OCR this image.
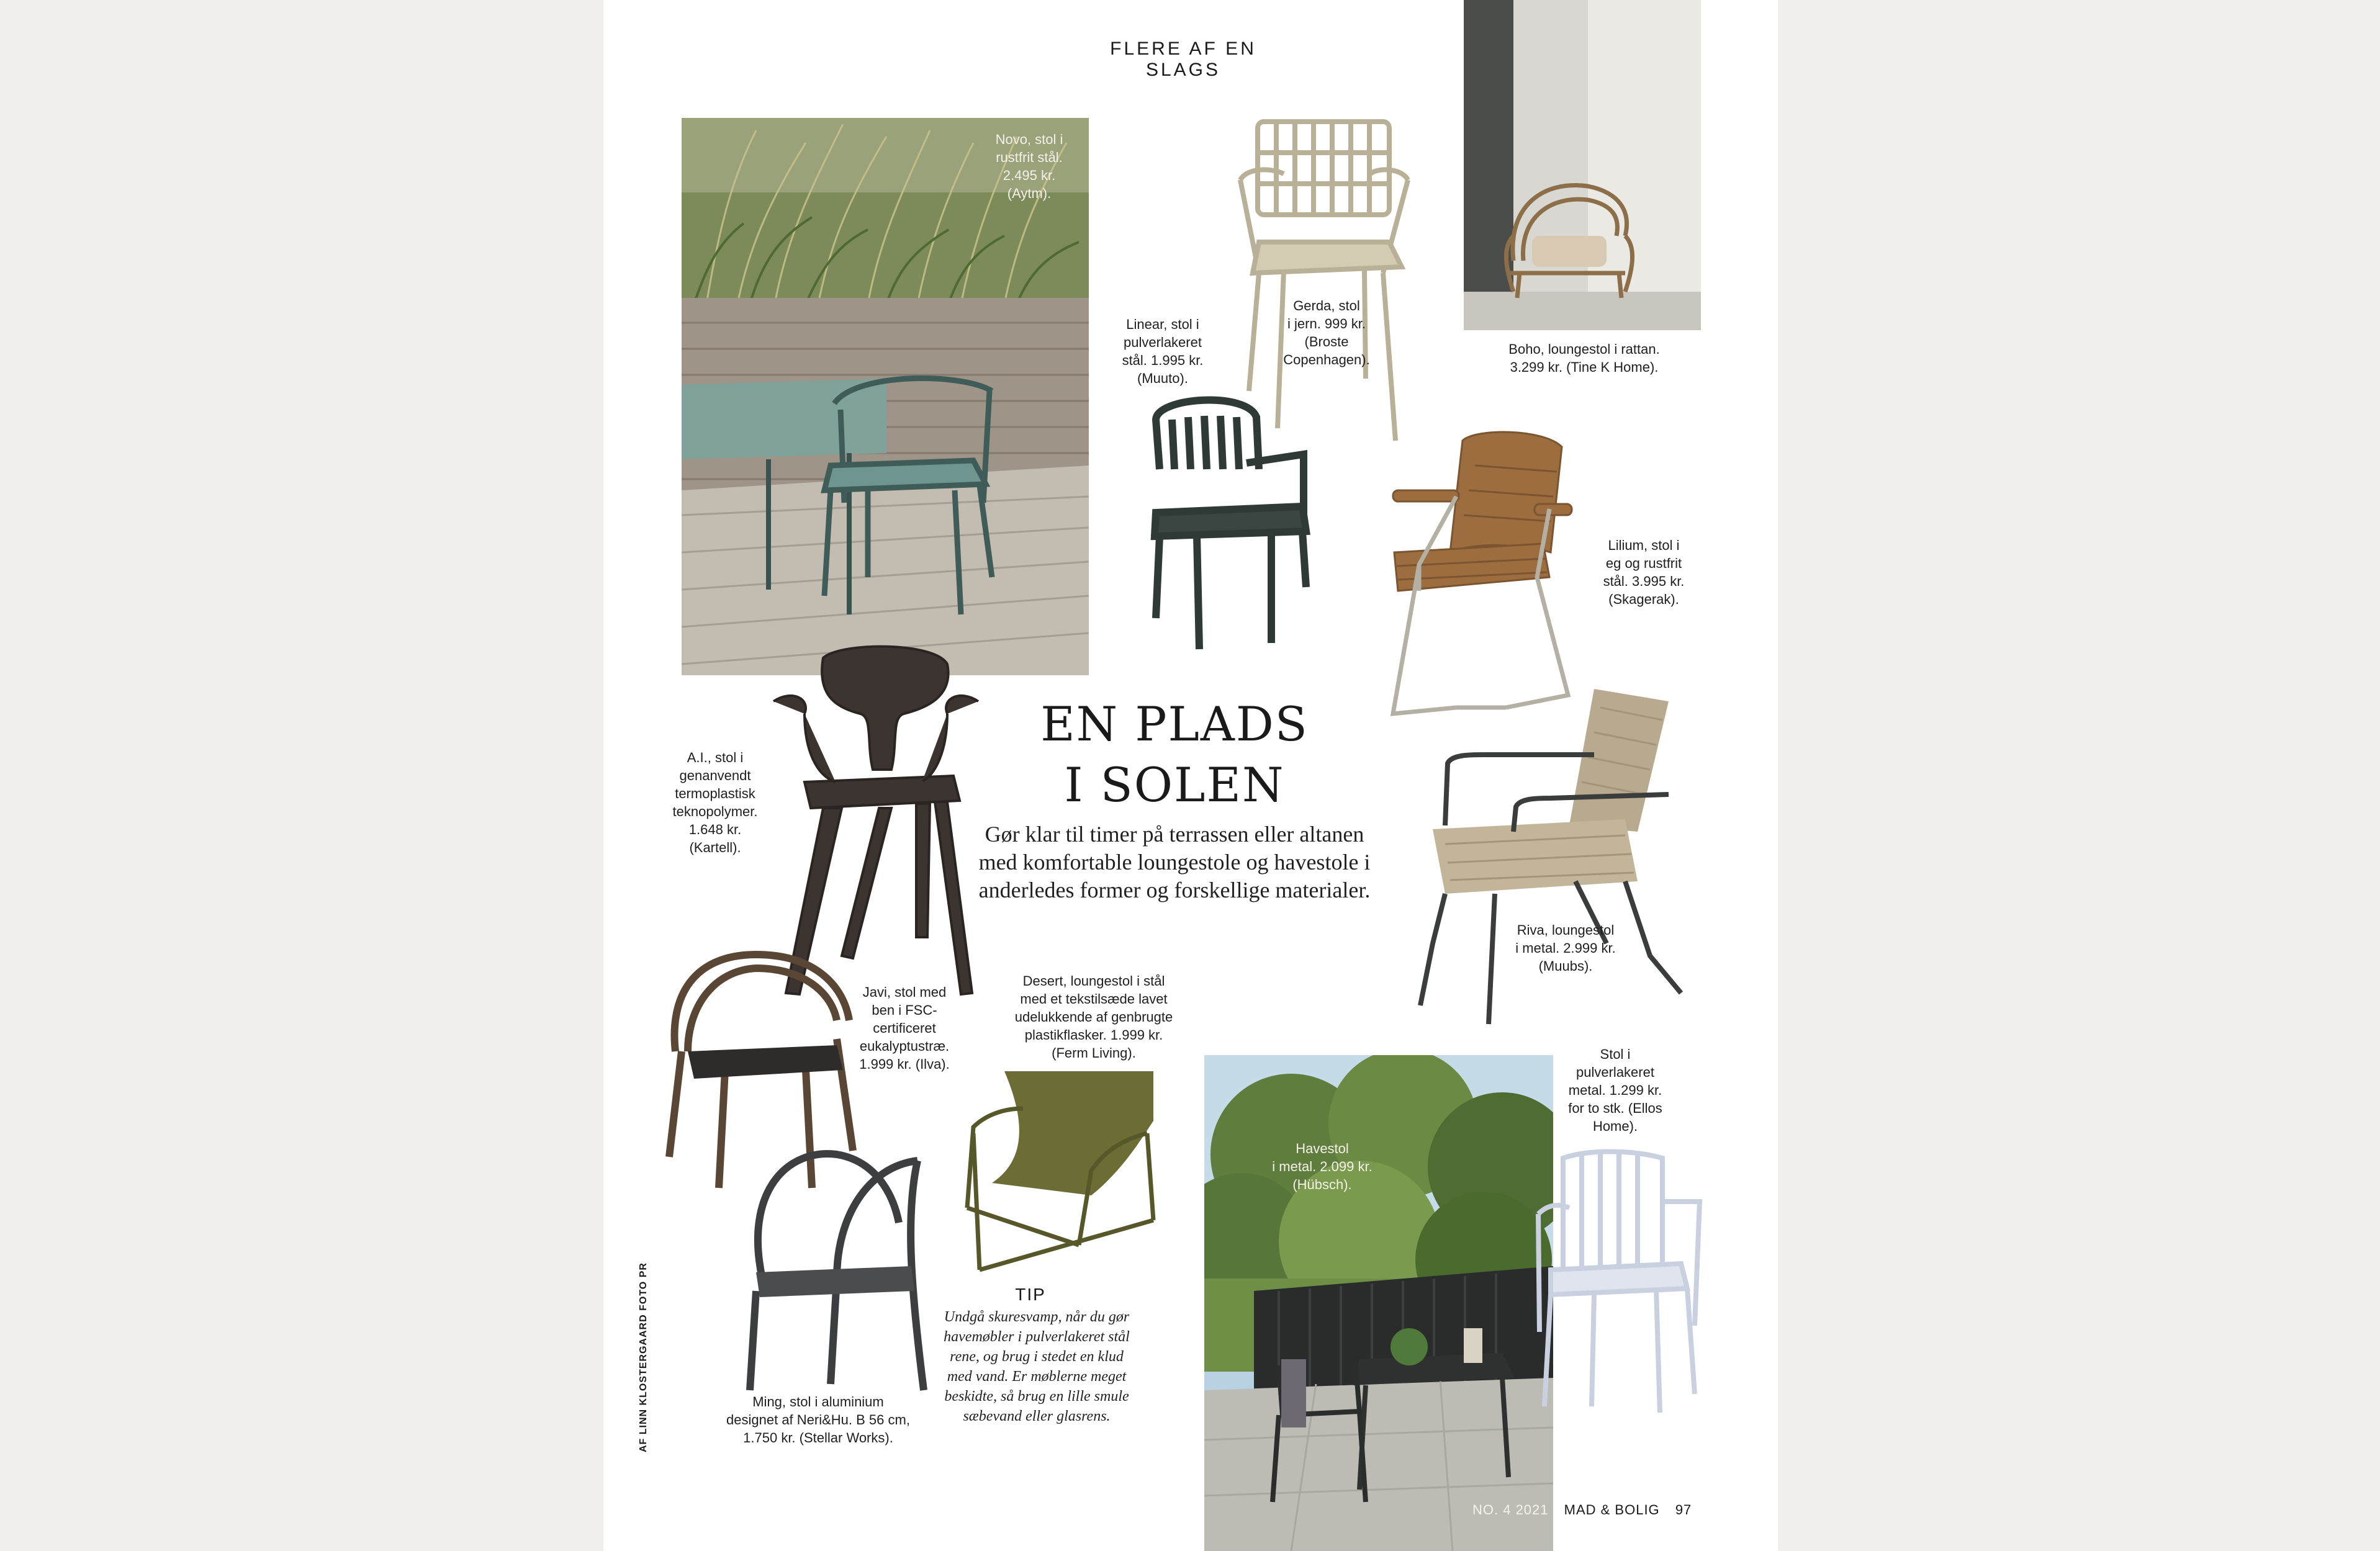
FLERE AF EN SLAGS
Novo, stol i
rustfrit stål.
2.495 kr.
(Aytm).
Havestol
i metal. 2.099 kr.
(Hübsch).
Gerda, stol
i jern. 999 kr.
(Broste
Copenhagen).
Boho, loungestol i rattan.
3.299 kr. (Tine K Home).
Linear, stol i
pulverlakeret
stål. 1.995 kr.
(Muuto).
Lilium, stol i
eg og rustfrit
stål. 3.995 kr.
(Skagerak).
A.I., stol i
genanvendt
termoplastisk
teknopolymer.
1.648 kr.
(Kartell).
Riva, loungestol
i metal. 2.999 kr.
(Muubs).
Javi, stol med
ben i FSC-
certificeret
eukalyptustræ.
1.999 kr. (Ilva).
Desert, loungestol i stål
med et tekstilsæde lavet
udelukkende af genbrugte
plastikflasker. 1.999 kr.
(Ferm Living).	Stol i
pulverlakeret
metal. 1.299 kr.
for to stk. (Ellos
Home).
Ming, stol i aluminium
designet af Neri&Hu. B 56 cm,
1.750 kr. (Stellar Works).
EN PLADS
I SOLEN
Gør klar til timer på terrassen eller altanen med komfortable loungestole og havestole i anderledes former og forskellige materialer.
TIP
Undgå skuresvamp, når du gør
havemøbler i pulverlakeret stål
rene, og brug i stedet en klud
med vand. Er møblerne meget
beskidte, så brug en lille smule
sæbevand eller glasrens.
AF LINN KLOSTERGAARD FOTO PR
NO. 4 2021 MAD & BOLIG 97
